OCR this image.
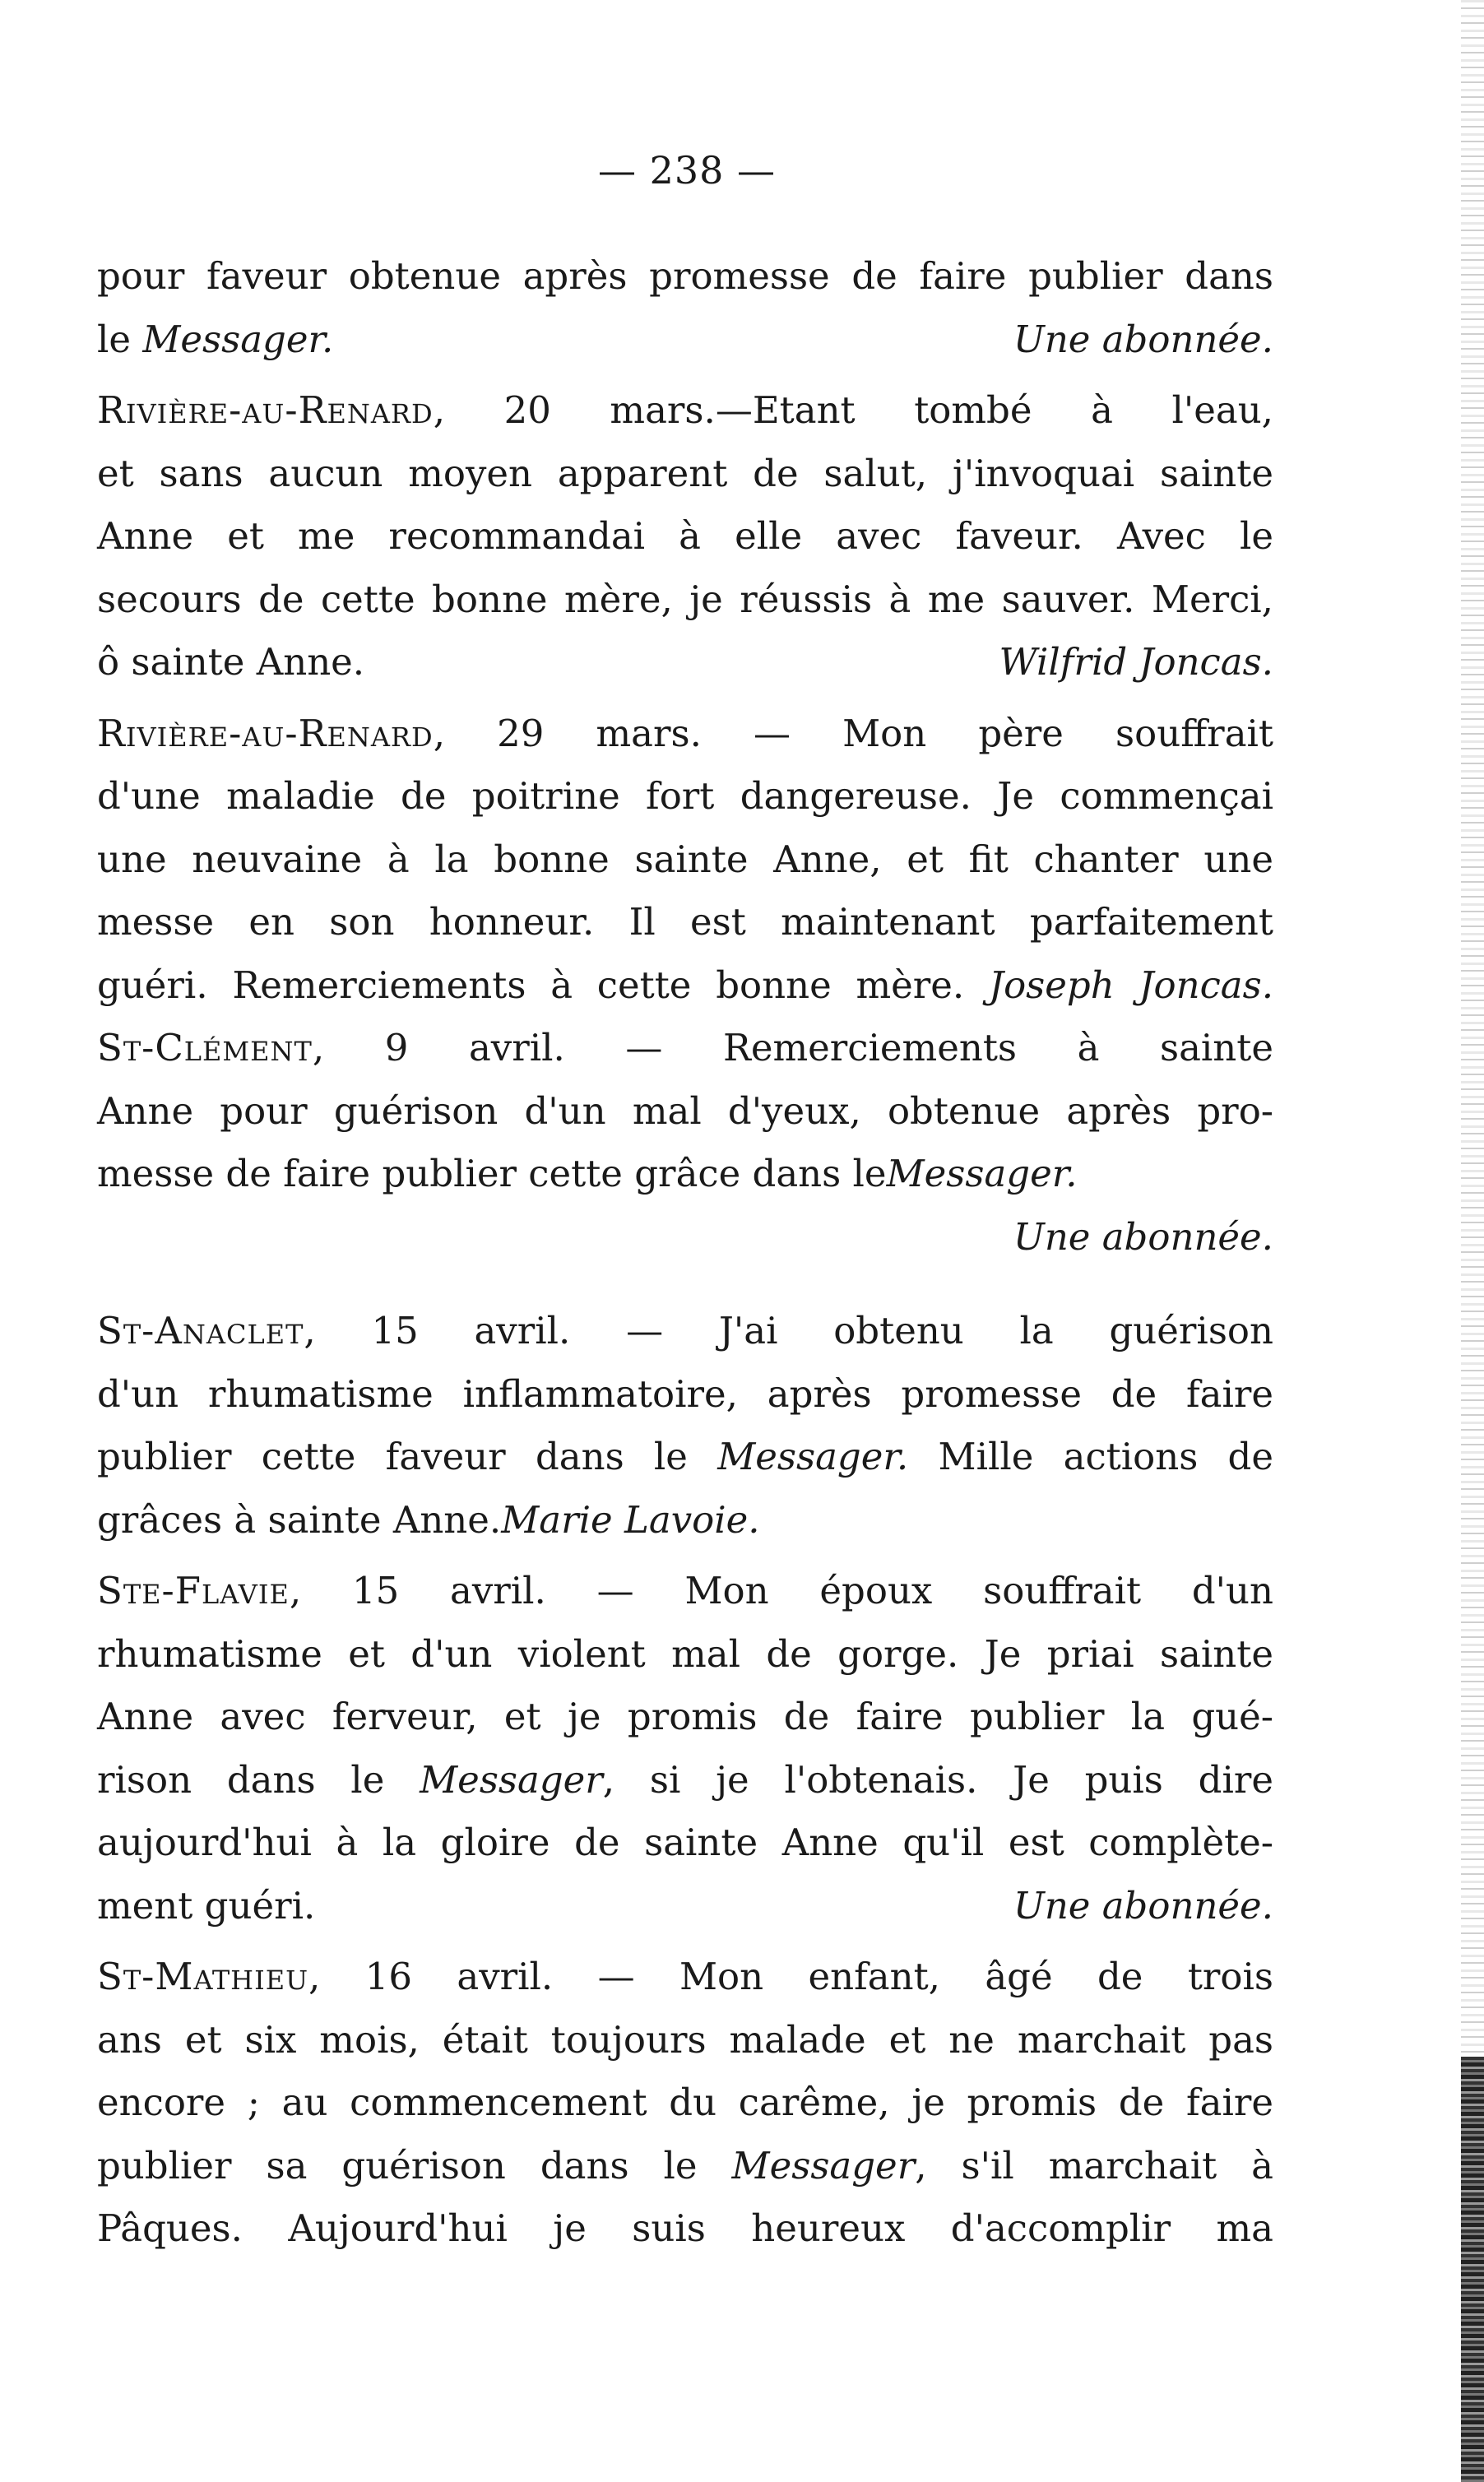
— 238 —
pour faveur obtenue après promesse de faire publier dans
le Messager.	Une abonnée.
Rivière-au-Renard, 20 mars.—Etant tombé à l'eau,
et sans aucun moyen apparent de salut, j'invoquai sainte
Anne et me recommandai à elle avec faveur. Avec le
secours de cette bonne mère, je réussis à me sauver. Merci,
ô sainte Anne.	Wilfrid Joncas.
Rivière-au-Renard, 29 mars. — Mon père souffrait
d'une maladie de poitrine fort dangereuse. Je commençai
une neuvaine à la bonne sainte Anne, et fit chanter une
messe en son honneur. Il est maintenant parfaitement
guéri. Remerciements à cette bonne mère. Joseph Joncas.
St-Clément, 9 avril. — Remerciements à sainte
Anne pour guérison d'un mal d'yeux, obtenue après pro-
messe de faire publier cette grâce dans le Messager.
Une abonnée.
St-Anaclet, 15 avril. — J'ai obtenu la guérison
d'un rhumatisme inflammatoire, après promesse de faire
publier cette faveur dans le Messager. Mille actions de
grâces à sainte Anne. Marie Lavoie.
Ste-Flavie, 15 avril. — Mon époux souffrait d'un
rhumatisme et d'un violent mal de gorge. Je priai sainte
Anne avec ferveur, et je promis de faire publier la gué-
rison dans le Messager, si je l'obtenais. Je puis dire
aujourd'hui à la gloire de sainte Anne qu'il est complète-
ment guéri.	Une abonnée.
St-Mathieu, 16 avril. — Mon enfant, âgé de trois
ans et six mois, était toujours malade et ne marchait pas
encore ; au commencement du carême, je promis de faire
publier sa guérison dans le Messager, s'il marchait à
Pâques. Aujourd'hui je suis heureux d'accomplir ma
